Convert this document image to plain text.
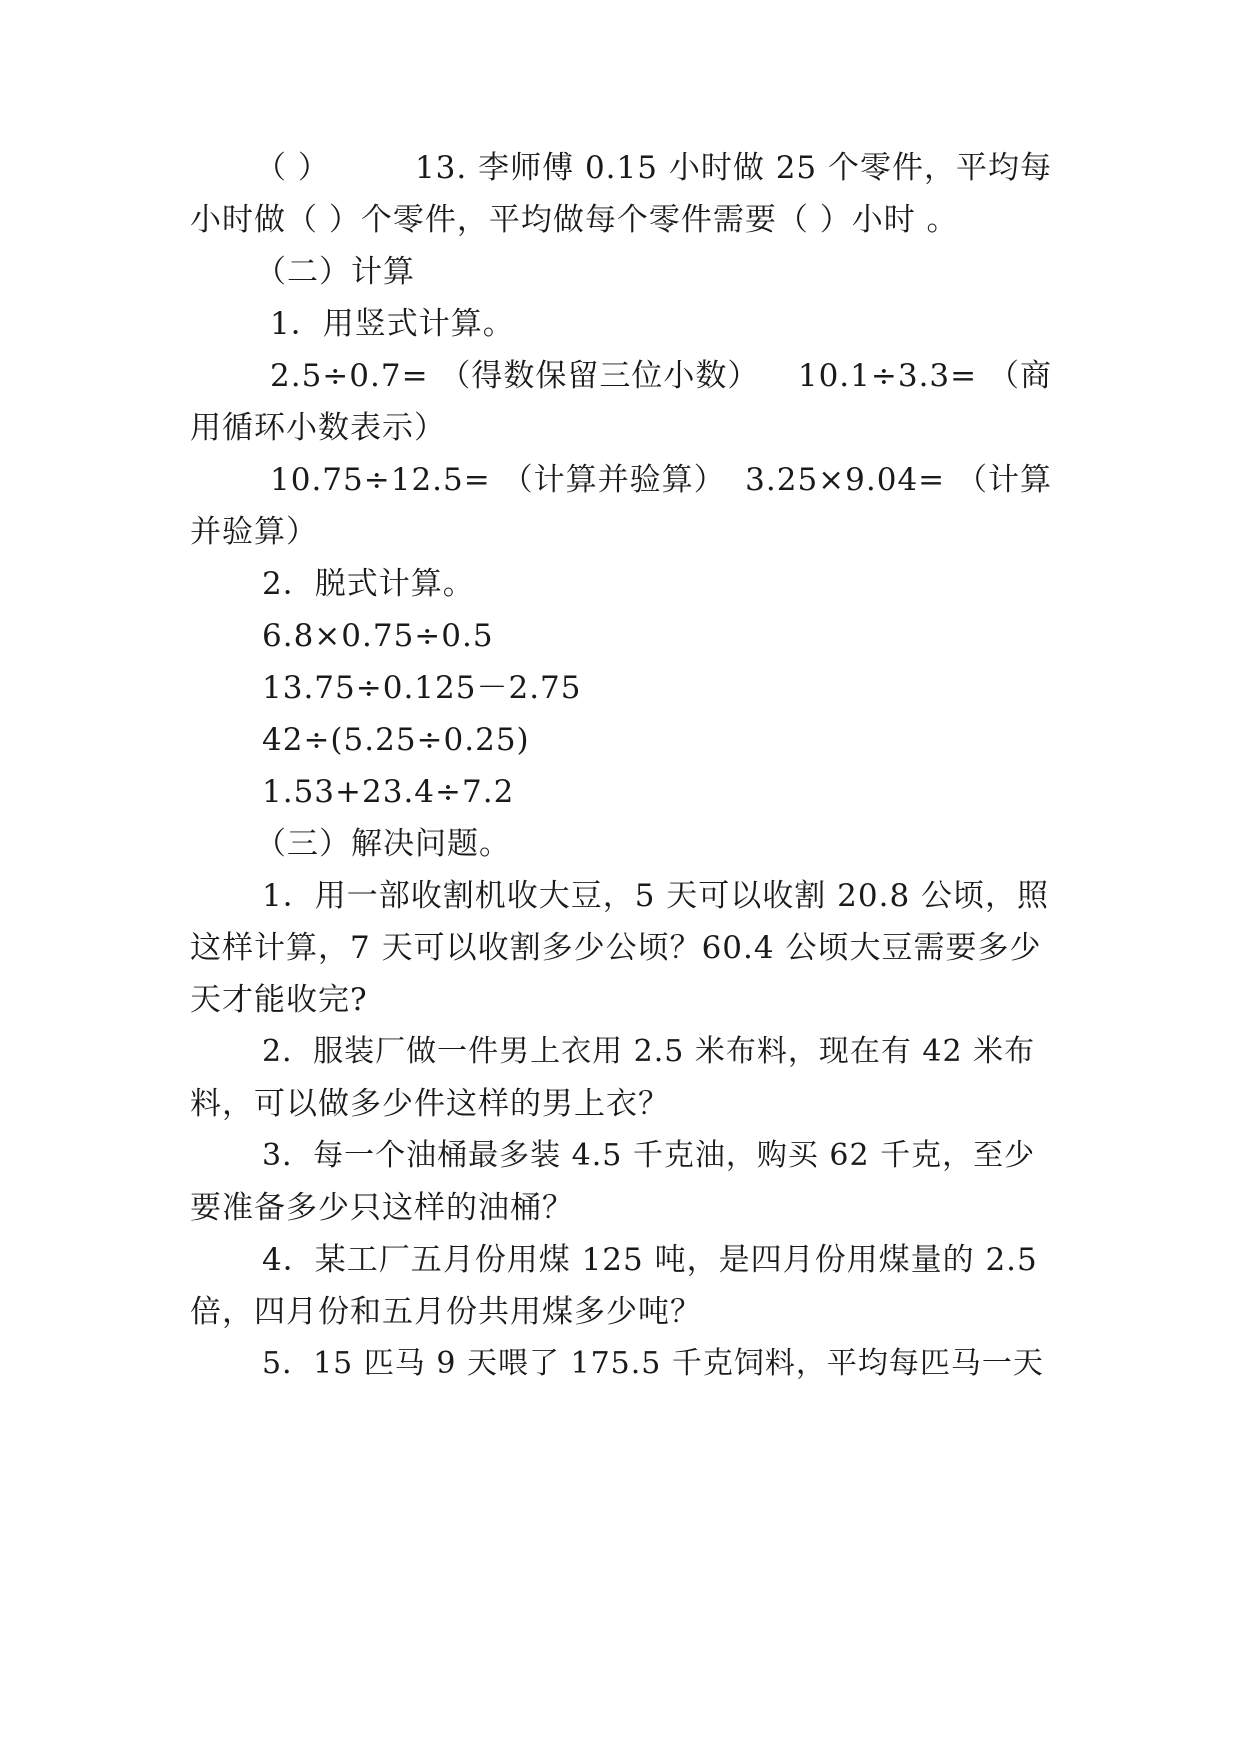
（ ）	13. 李师傅 0.15 小时做 25 个零件，平均每
小时做（ ）个零件，平均做每个零件需要（ ）小时 。
（二）计算
1．用竖式计算。
2.5÷0.7= （得数保留三位小数） 10.1÷3.3= （商
用循环小数表示）
10.75÷12.5= （计算并验算） 3.25×9.04= （计算
并验算）
2．脱式计算。
6.8×0.75÷0.5
13.75÷0.125－2.75
42÷(5.25÷0.25)
1.53+23.4÷7.2
（三）解决问题。
1．用一部收割机收大豆，5 天可以收割 20.8 公顷，照
这样计算，7 天可以收割多少公顷？60.4 公顷大豆需要多少
天才能收完?
2．服装厂做一件男上衣用 2.5 米布料，现在有 42 米布
料，可以做多少件这样的男上衣？
3．每一个油桶最多装 4.5 千克油，购买 62 千克，至少
要准备多少只这样的油桶？
4．某工厂五月份用煤 125 吨，是四月份用煤量的 2.5
倍，四月份和五月份共用煤多少吨？
5．15 匹马 9 天喂了 175.5 千克饲料，平均每匹马一天
